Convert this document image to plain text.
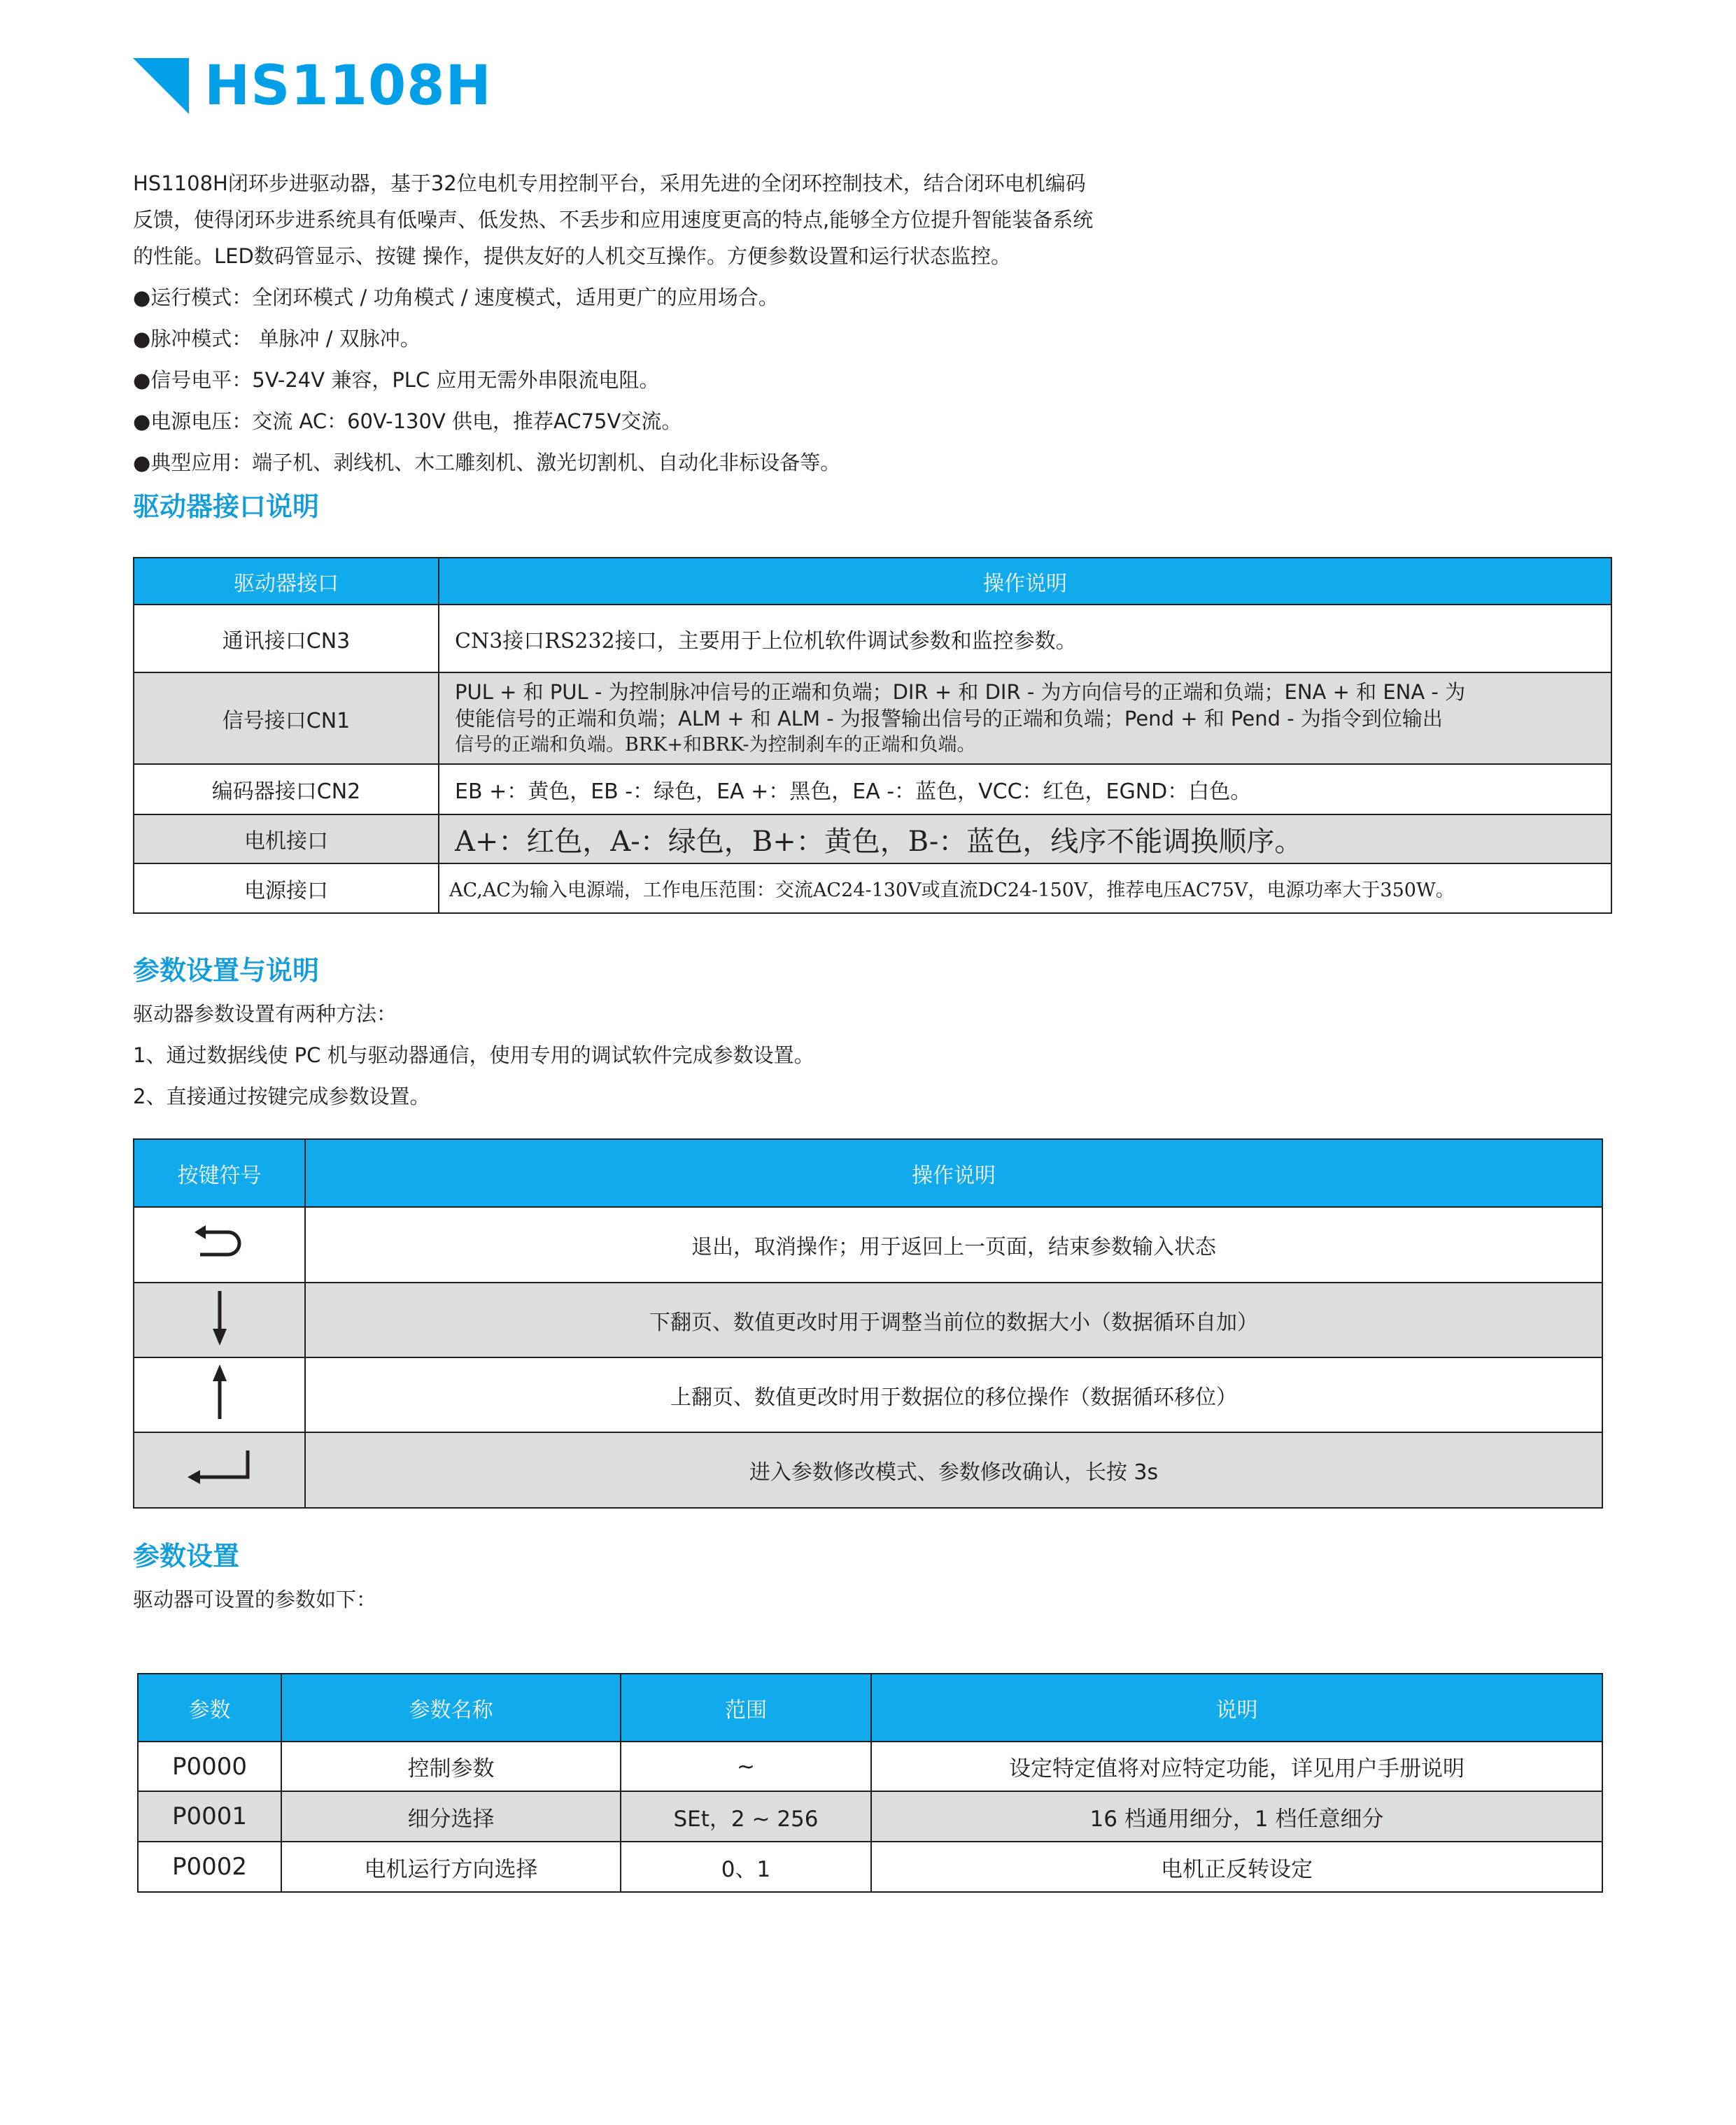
HS1108H
HS1108H闭环步进驱动器，基于32位电机专用控制平台，采用先进的全闭环控制技术，结合闭环电机编码
反馈，使得闭环步进系统具有低噪声、低发热、不丢步和应用速度更高的特点,能够全方位提升智能装备系统
的性能。LED数码管显示、按键 操作，提供友好的人机交互操作。方便参数设置和运行状态监控。
●运行模式：全闭环模式 / 功角模式 / 速度模式，适用更广的应用场合。
●脉冲模式： 单脉冲 / 双脉冲。
●信号电平：5V-24V 兼容，PLC 应用无需外串限流电阻。
●电源电压：交流 AC：60V-130V 供电，推荐AC75V交流。
●典型应用：端子机、剥线机、木工雕刻机、激光切割机、自动化非标设备等。
驱动器接口说明
驱动器接口	操作说明
通讯接口CN3	CN3接口RS232接口，主要用于上位机软件调试参数和监控参数。
信号接口CN1	PUL + 和 PUL - 为控制脉冲信号的正端和负端；DIR + 和 DIR - 为方向信号的正端和负端；ENA + 和 ENA - 为
使能信号的正端和负端；ALM + 和 ALM - 为报警输出信号的正端和负端；Pend + 和 Pend - 为指令到位输出
信号的正端和负端。BRK+和BRK-为控制刹车的正端和负端。

编码器接口CN2	EB +：黄色，EB -：绿色，EA +：黑色，EA -：蓝色，VCC：红色，EGND：白色。
电机接口	A+：红色，A-：绿色，B+：黄色，B-：蓝色，线序不能调换顺序。
电源接口	AC,AC为输入电源端，工作电压范围：交流AC24-130V或直流DC24-150V，推荐电压AC75V，电源功率大于350W。
参数设置与说明
驱动器参数设置有两种方法：
1、通过数据线使 PC 机与驱动器通信，使用专用的调试软件完成参数设置。
2、直接通过按键完成参数设置。
按键符号	操作说明
	退出，取消操作；用于返回上一页面，结束参数输入状态
	下翻页、数值更改时用于调整当前位的数据大小（数据循环自加）
	上翻页、数值更改时用于数据位的移位操作（数据循环移位）
	进入参数修改模式、参数修改确认，长按 3s
参数设置
驱动器可设置的参数如下：
参数	参数名称	范围	说明
P0000	控制参数	~	设定特定值将对应特定功能，详见用户手册说明
P0001	细分选择	SEt，2 ~ 256	16 档通用细分，1 档任意细分
P0002	电机运行方向选择	0、1	电机正反转设定
